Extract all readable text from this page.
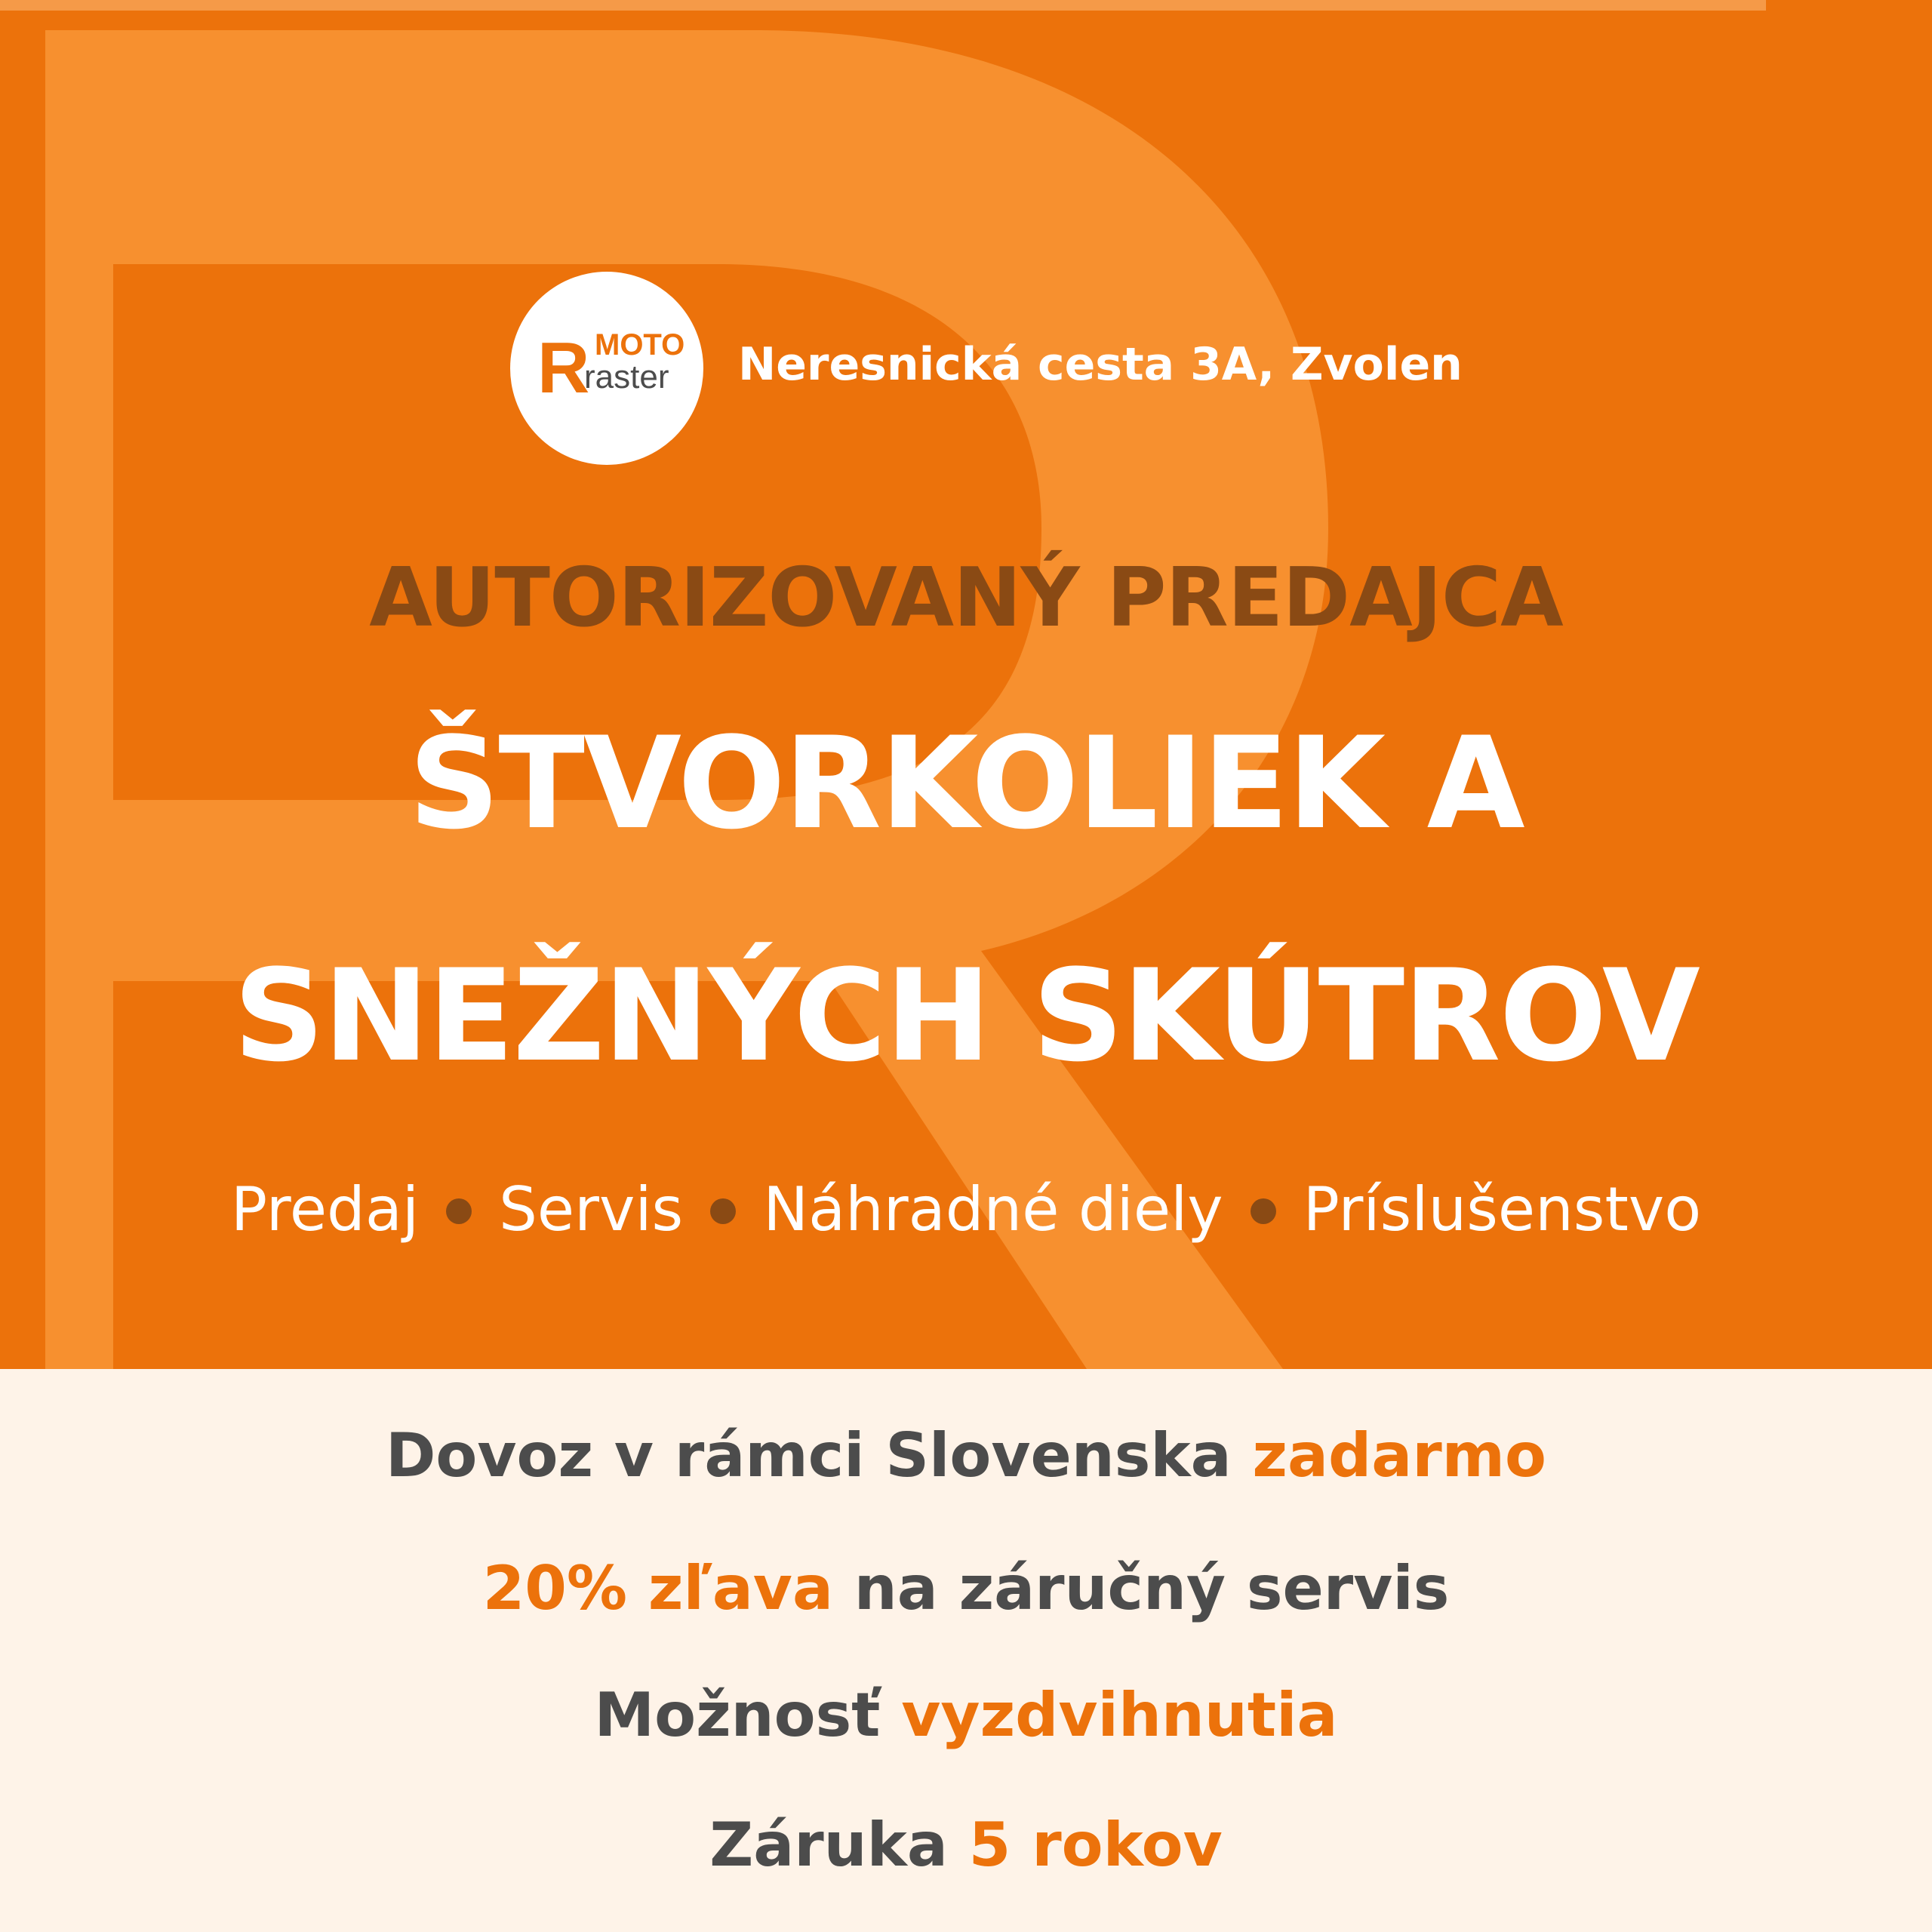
R MOTO
raster Neresnická cesta 3A, Zvolen
AUTORIZOVANÝ PREDAJCA
ŠTVORKOLIEK A
SNEŽNÝCH SKÚTROV
Predaj Servis Náhradné diely Príslušenstvo
Dovoz v rámci Slovenska zadarmo
20% zľava na záručný servis
Možnosť vyzdvihnutia
Záruka 5 rokov
